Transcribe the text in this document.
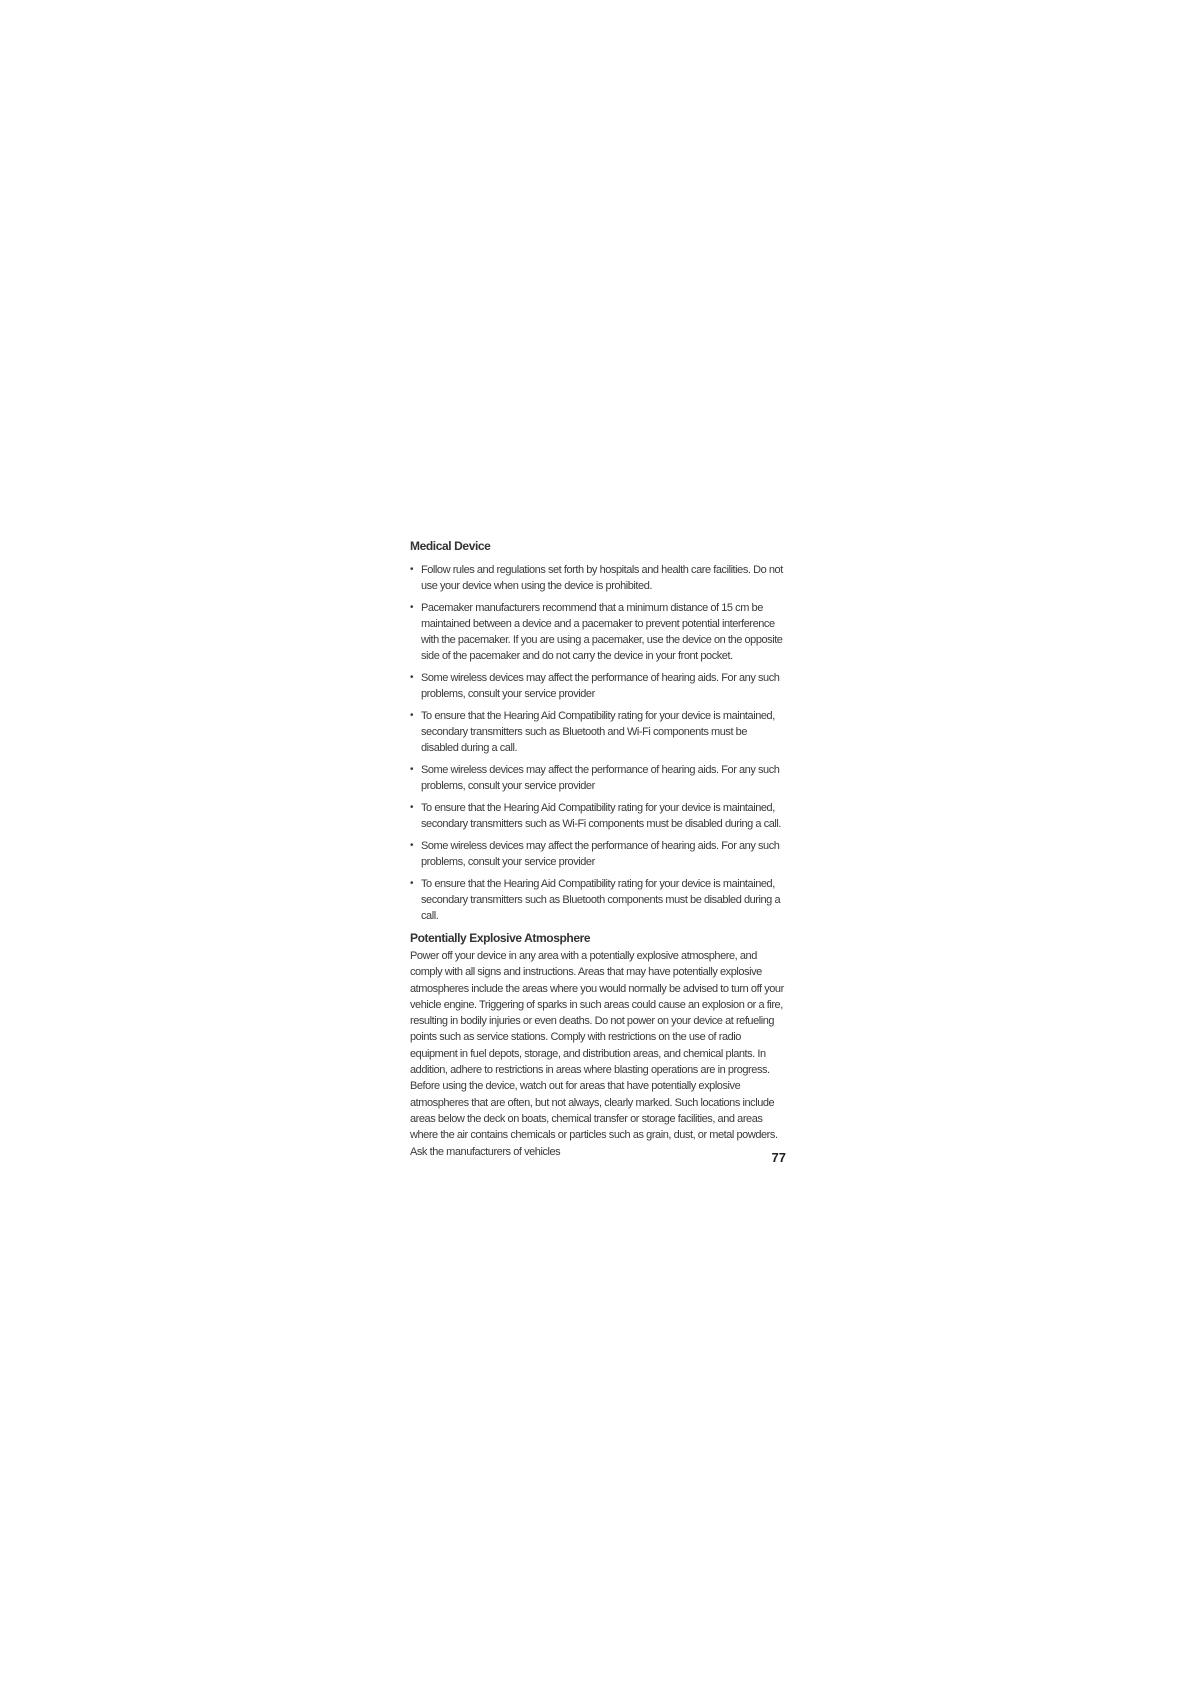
Medical Device
• Follow rules and regulations set forth by hospitals and health care facilities. Do not use your device when using the device is prohibited.
• Pacemaker manufacturers recommend that a minimum distance of 15 cm be maintained between a device and a pacemaker to prevent potential interference with the pacemaker. If you are using a pacemaker, use the device on the opposite side of the pacemaker and do not carry the device in your front pocket.
• Some wireless devices may affect the performance of hearing aids. For any such problems, consult your service provider
• To ensure that the Hearing Aid Compatibility rating for your device is maintained, secondary transmitters such as Bluetooth and Wi-Fi components must be disabled during a call.
• Some wireless devices may affect the performance of hearing aids. For any such problems, consult your service provider
• To ensure that the Hearing Aid Compatibility rating for your device is maintained, secondary transmitters such as Wi-Fi components must be disabled during a call.
• Some wireless devices may affect the performance of hearing aids. For any such problems, consult your service provider
• To ensure that the Hearing Aid Compatibility rating for your device is maintained, secondary transmitters such as Bluetooth components must be disabled during a call.
Potentially Explosive Atmosphere

Power off your device in any area with a potentially explosive atmosphere, and comply with all signs and instructions. Areas that may have potentially explosive atmospheres include the areas where you would normally be advised to turn off your vehicle engine. Triggering of sparks in such areas could cause an explosion or a fire, resulting in bodily injuries or even deaths. Do not power on your device at refueling points such as service stations. Comply with restrictions on the use of radio equipment in fuel depots, storage, and distribution areas, and chemical plants. In addition, adhere to restrictions in areas where blasting operations are in progress. Before using the device, watch out for areas that have potentially explosive atmospheres that are often, but not always, clearly marked. Such locations include areas below the deck on boats, chemical transfer or storage facilities, and areas where the air contains chemicals or particles such as grain, dust, or metal powders. Ask the manufacturers of vehicles	77
